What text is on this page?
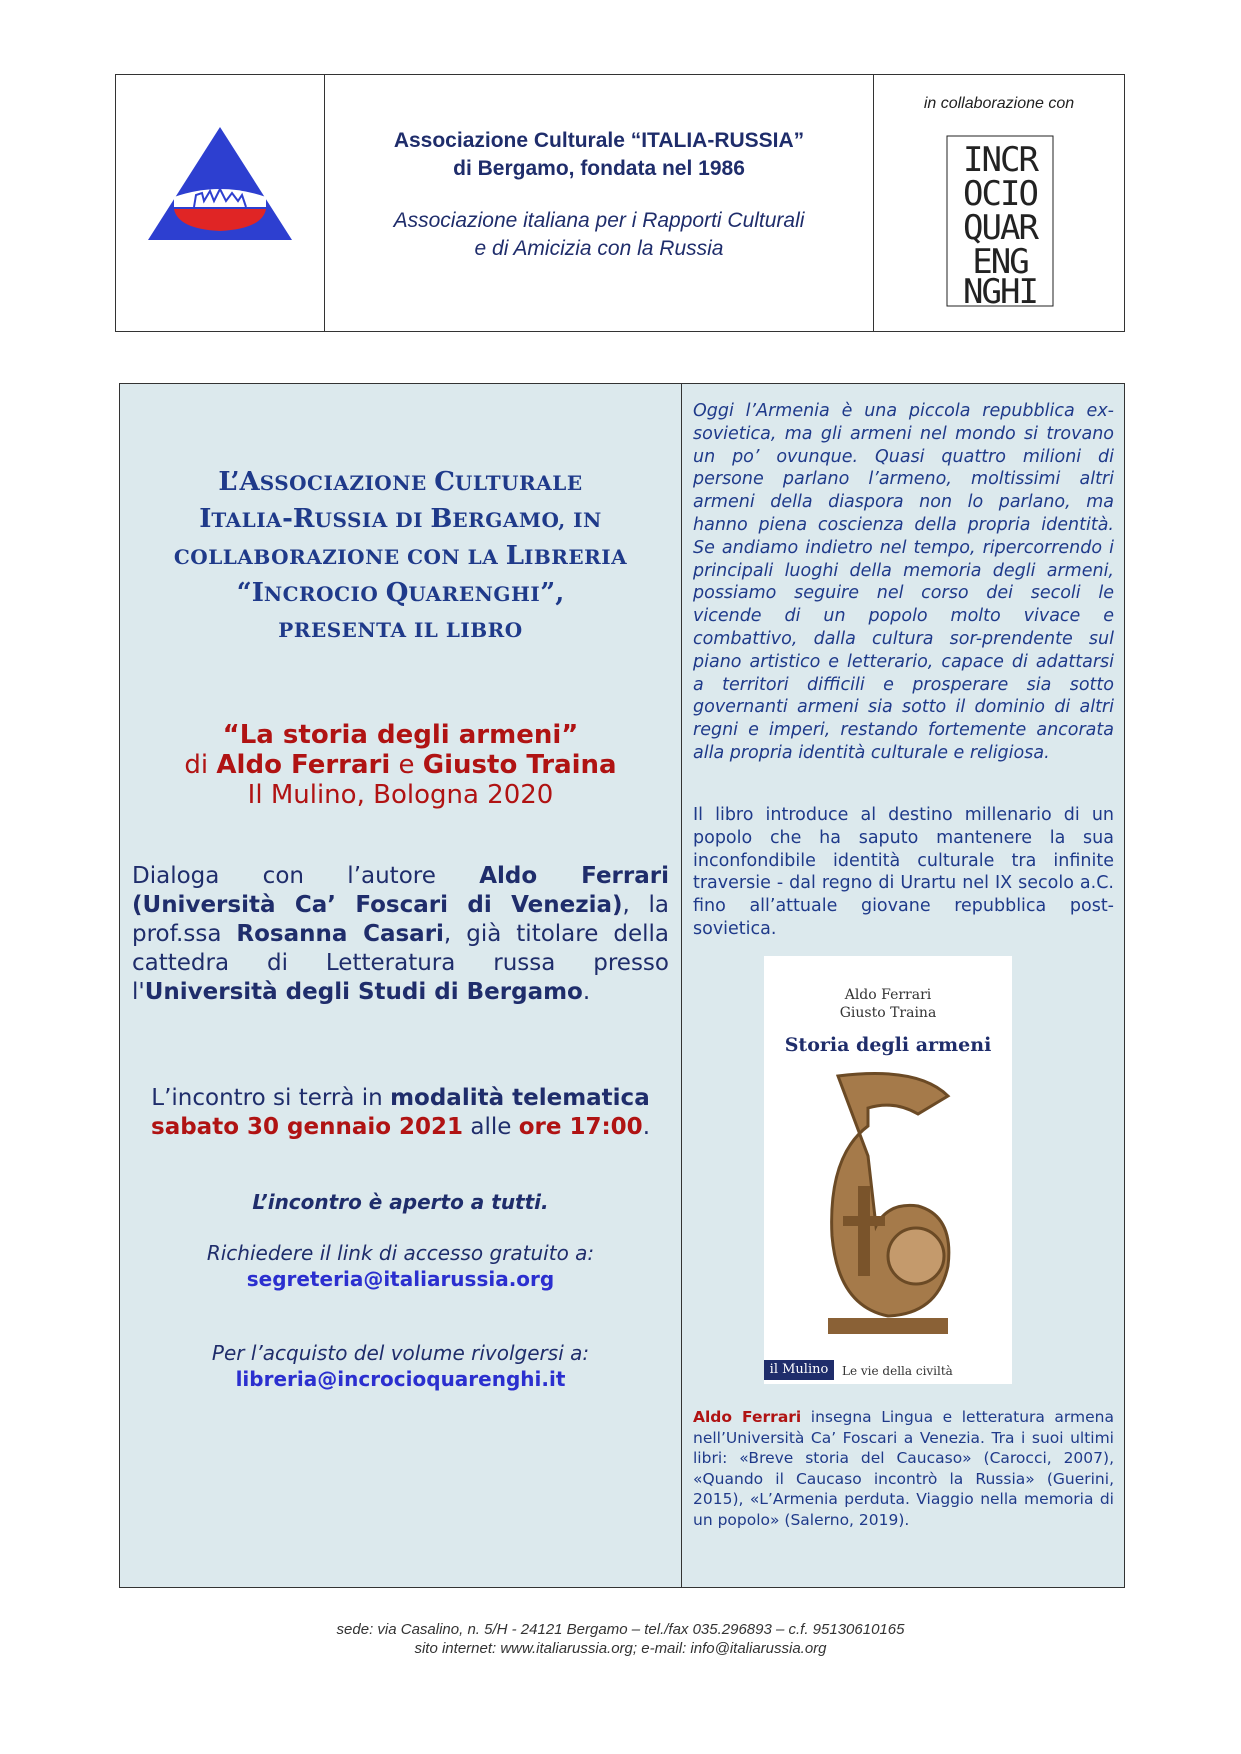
Associazione Culturale “ITALIA-RUSSIA”
di Bergamo, fondata nel 1986
Associazione italiana per i Rapporti Culturali
e di Amicizia con la Russia
in collaborazione con
INCR
OCIO
QUAR
ENG
NGHI
L’ASSOCIAZIONE CULTURALE
ITALIA-RUSSIA DI BERGAMO, IN
COLLABORAZIONE CON LA LIBRERIA
“INCROCIO QUARENGHI”,
PRESENTA IL LIBRO
“La storia degli armeni”
di Aldo Ferrari e Giusto Traina
Il Mulino, Bologna 2020
Dialoga con l’autore Aldo Ferrari (Università Ca’ Foscari di Venezia), la prof.ssa Rosanna Casari, già titolare della cattedra di Letteratura russa presso l'Università degli Studi di Bergamo.
L’incontro si terrà in modalità telematica
sabato 30 gennaio 2021 alle ore 17:00.
L’incontro è aperto a tutti.
Richiedere il link di accesso gratuito a:
segreteria@italiarussia.org
Per l’acquisto del volume rivolgersi a:
libreria@incrocioquarenghi.it
Oggi l’Armenia è una piccola repubblica ex-sovietica, ma gli armeni nel mondo si trovano un po’ ovunque. Quasi quattro milioni di persone parlano l’armeno, moltissimi altri armeni della diaspora non lo parlano, ma hanno piena coscienza della propria identità. Se andiamo indietro nel tempo, ripercorrendo i principali luoghi della memoria degli armeni, possiamo seguire nel corso dei secoli le vicende di un popolo molto vivace e combattivo, dalla cultura sor-prendente sul piano artistico e letterario, capace di adattarsi a territori difficili e prosperare sia sotto governanti armeni sia sotto il dominio di altri regni e imperi, restando fortemente ancorata alla propria identità culturale e religiosa.
Il libro introduce al destino millenario di un popolo che ha saputo mantenere la sua inconfondibile identità culturale tra infinite traversie - dal regno di Urartu nel IX secolo a.C. fino all’attuale giovane repubblica post-sovietica.
Aldo Ferrari
Giusto Traina
Storia degli armeni
il Mulino	Le vie della civiltà
Aldo Ferrari insegna Lingua e letteratura armena nell’Università Ca’ Foscari a Venezia. Tra i suoi ultimi libri: «Breve storia del Caucaso» (Carocci, 2007), «Quando il Caucaso incontrò la Russia» (Guerini, 2015), «L’Armenia perduta. Viaggio nella memoria di un popolo» (Salerno, 2019).
sede: via Casalino, n. 5/H - 24121 Bergamo – tel./fax 035.296893 – c.f. 95130610165
sito internet: www.italiarussia.org; e-mail: info@italiarussia.org
